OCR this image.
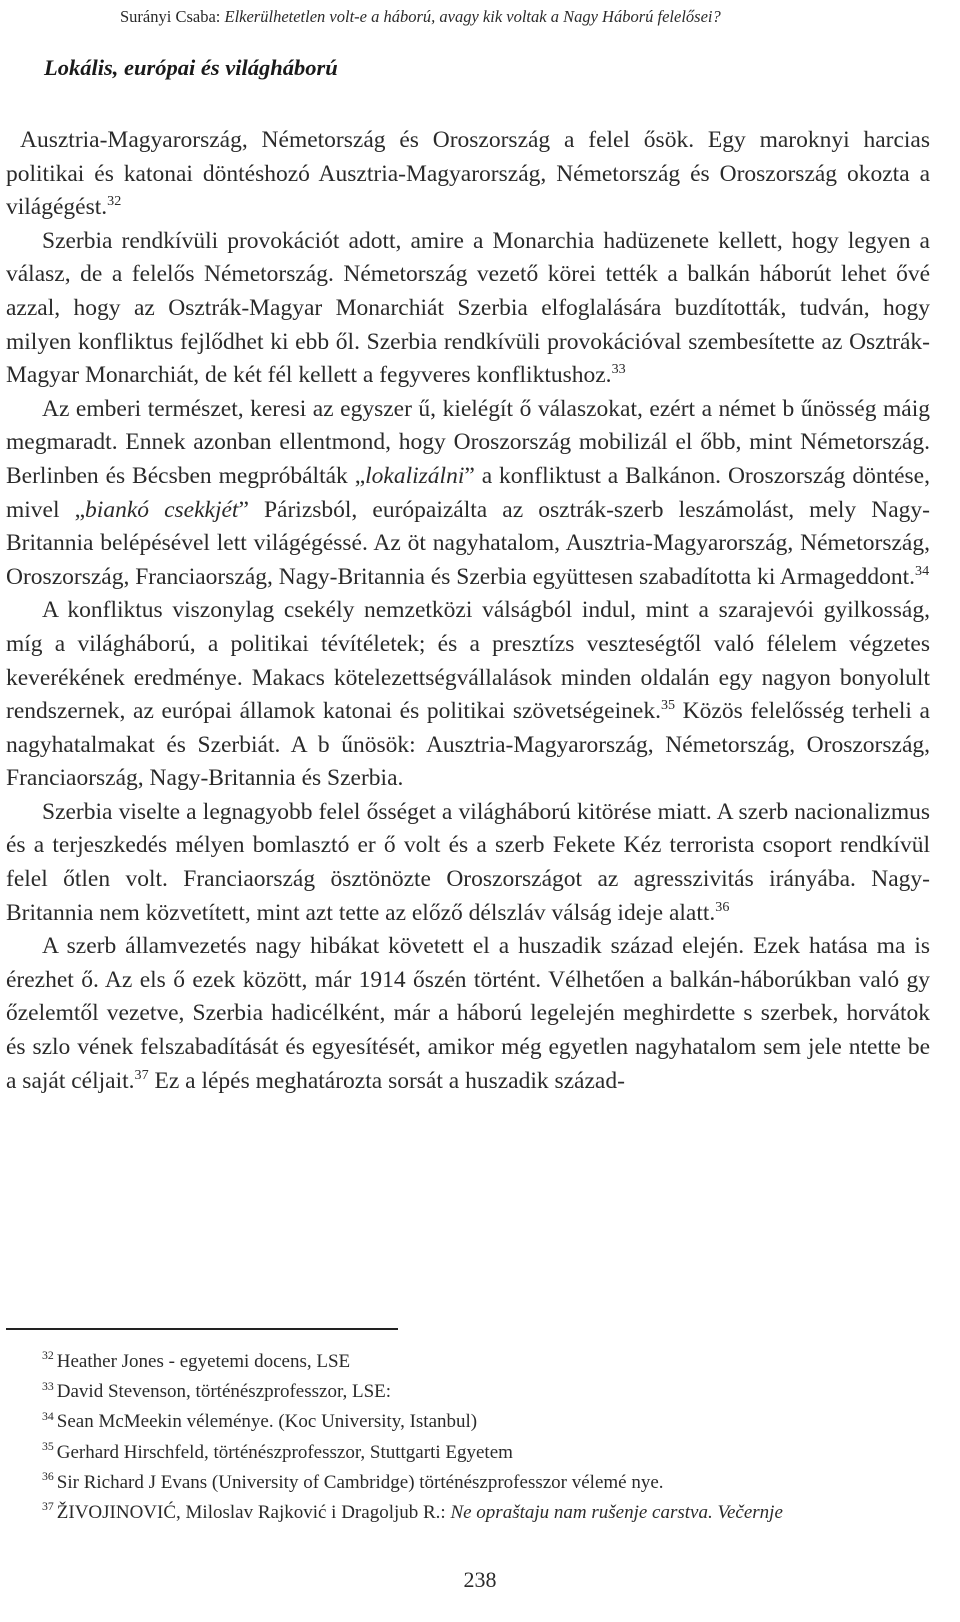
Surányi Csaba: Elkerülhetetlen volt-e a háború, avagy kik voltak a Nagy Háború felelősei?
Lokális, európai és világháború

Ausztria-Magyarország, Németország és Oroszország a felel ősök. Egy maroknyi harcias politikai és katonai döntéshozó Ausztria-Magyarország, Németország és Oroszország okozta a világégést.$^{32}$

Szerbia rendkívüli provokációt adott, amire a Monarchia hadüzenete kellett, hogy legyen a válasz, de a felelős Németország. Németország vezető körei tették a balkán háborút lehet ővé azzal, hogy az Osztrák-Magyar Monarchiát Szerbia elfoglalására buzdították, tudván, hogy milyen konfliktus fejlődhet ki ebb ől. Szerbia rendkívüli provokációval szembesítette az Osztrák-Magyar Monarchiát, de két fél kellett a fegyveres konfliktushoz.$^{33}$

Az emberi természet, keresi az egyszer ű, kielégít ő válaszokat, ezért a német b űnösség máig megmaradt. Ennek azonban ellentmond, hogy Oroszország mobilizál el őbb, mint Németország. Berlinben és Bécsben megpróbálták „lokalizálni” a konfliktust a Balkánon. Oroszország döntése, mivel „biankó csekkjét” Párizsból, európaizálta az osztrák-szerb leszámolást, mely Nagy-Britannia belépésével lett világégéssé. Az öt nagyhatalom, Ausztria-Magyarország, Németország, Oroszország, Franciaország, Nagy-Britannia és Szerbia együttesen szabadította ki Armageddont.$^{34}$

A konfliktus viszonylag csekély nemzetközi válságból indul, mint a szarajevói gyilkosság, míg a világháború, a politikai tévítéletek; és a presztízs veszteségtől való félelem végzetes keverékének eredménye. Makacs kötelezettségvállalások minden oldalán egy nagyon bonyolult rendszernek, az európai államok katonai és politikai szövetségeinek.$^{35}$ Közös felelősség terheli a nagyhatalmakat és Szerbiát. A b űnösök: Ausztria-Magyarország, Németország, Oroszország, Franciaország, Nagy-Britannia és Szerbia.

Szerbia viselte a legnagyobb felel ősséget a világháború kitörése miatt. A szerb nacionalizmus és a terjeszkedés mélyen bomlasztó er ő volt és a szerb Fekete Kéz terrorista csoport rendkívül felel őtlen volt. Franciaország ösztönözte Oroszországot az agresszivitás irányába. Nagy-Britannia nem közvetített, mint azt tette az előző délszláv válság ideje alatt.$^{36}$

A szerb államvezetés nagy hibákat követett el a huszadik század elején. Ezek hatása ma is érezhet ő. Az els ő ezek között, már 1914 őszén történt. Vélhetően a balkán-háborúkban való gy őzelemtől vezetve, Szerbia hadicélként, már a háború legelején meghirdette s szerbek, horvátok és szlo vének felszabadítását és egyesítését, amikor még egyetlen nagyhatalom sem jele ntette be a saját céljait.$^{37}$ Ez a lépés meghatározta sorsát a huszadik század-

$^{32}$ Heather Jones - egyetemi docens, LSE
$^{33}$ David Stevenson, történészprofesszor, LSE:
$^{34}$ Sean McMeekin véleménye. (Koc University, Istanbul)
$^{35}$ Gerhard Hirschfeld, történészprofesszor, Stuttgarti Egyetem
$^{36}$ Sir Richard J Evans (University of Cambridge) történészprofesszor vélemé nye.
$^{37}$ ŽIVOJINOVIĆ, Miloslav Rajković i Dragoljub R.: Ne opraštaju nam rušenje carstva. Večernje
238
